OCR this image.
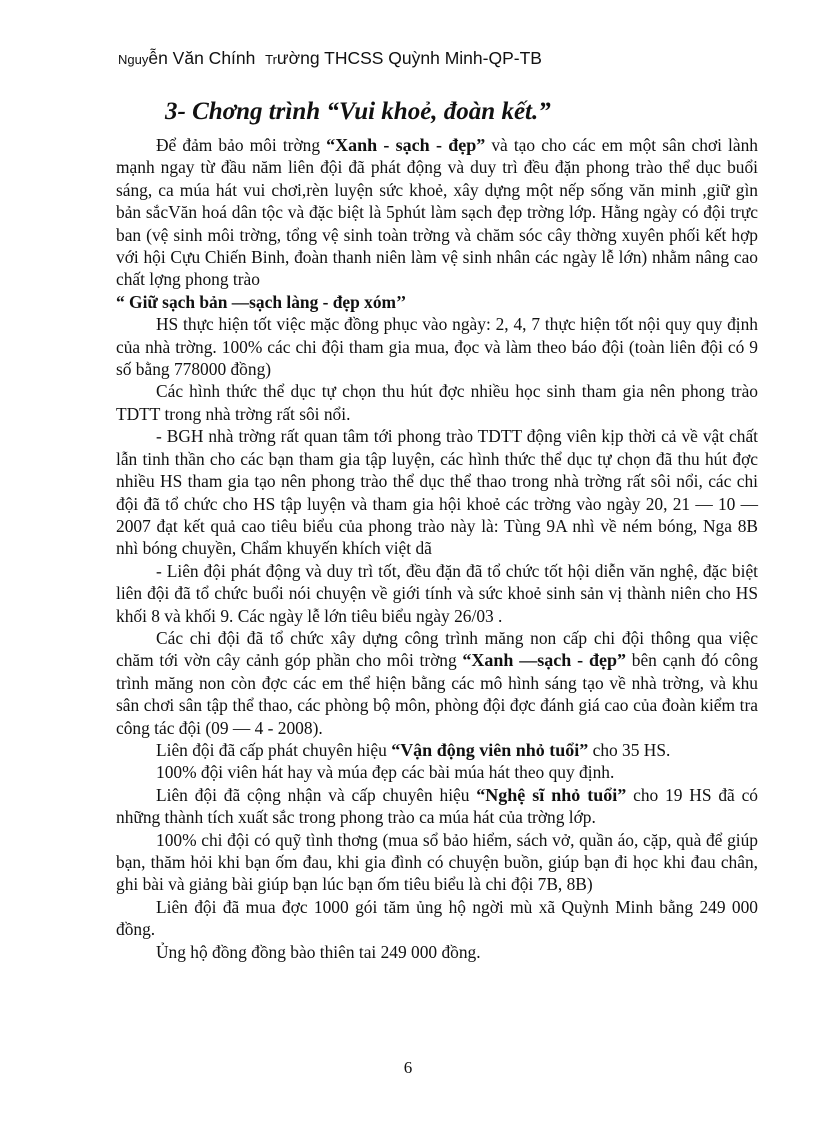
Nguyễn Văn Chính Trường THCSS Quỳnh Minh-QP-TB
3- Chơng trình “Vui khoẻ, đoàn kết.”

Để đảm bảo môi trờng “Xanh - sạch - đẹp” và tạo cho các em một sân chơi lành mạnh ngay từ đầu năm liên đội đã phát động và duy trì đều đặn phong trào thể dục buổi sáng, ca múa hát vui chơi,rèn luyện sức khoẻ, xây dựng một nếp sống văn minh ,giữ gìn bản sắcVăn hoá dân tộc và đặc biệt là 5phút làm sạch đẹp trờng lớp. Hằng ngày có đội trực ban (vệ sinh môi trờng, tổng vệ sinh toàn trờng và chăm sóc cây thờng xuyên phối kết hợp với hội Cựu Chiến Binh, đoàn thanh niên làm vệ sinh nhân các ngày lễ lớn) nhằm nâng cao chất lợng phong trào

“ Giữ sạch bản —sạch làng - đẹp xóm’’

HS thực hiện tốt việc mặc đồng phục vào ngày: 2, 4, 7 thực hiện tốt nội quy quy định của nhà trờng. 100% các chi đội tham gia mua, đọc và làm theo báo đội (toàn liên đội có 9 số bằng 778000 đồng)

Các hình thức thể dục tự chọn thu hút đợc nhiều học sinh tham gia nên phong trào TDTT trong nhà trờng rất sôi nổi.

- BGH nhà trờng rất quan tâm tới phong trào TDTT động viên kịp thời cả về vật chất lẫn tinh thần cho các bạn tham gia tập luyện, các hình thức thể dục tự chọn đã thu hút đợc nhiều HS tham gia tạo nên phong trào thể dục thể thao trong nhà trờng rất sôi nổi, các chi đội đã tổ chức cho HS tập luyện và tham gia hội khoẻ các trờng vào ngày 20, 21 — 10 — 2007 đạt kết quả cao tiêu biểu của phong trào này là: Tùng 9A nhì về ném bóng, Nga 8B nhì bóng chuyền, Chẩm khuyến khích việt dã

- Liên đội phát động và duy trì tốt, đều đặn đã tổ chức tốt hội diễn văn nghệ, đặc biệt liên đội đã tổ chức buổi nói chuyện về giới tính và sức khoẻ sinh sản vị thành niên cho HS khối 8 và khối 9. Các ngày lễ lớn tiêu biểu ngày 26/03 .

Các chi đội đã tổ chức xây dựng công trình măng non cấp chi đội thông qua việc chăm tới vờn cây cảnh góp phần cho môi trờng “Xanh —sạch - đẹp” bên cạnh đó công trình măng non còn đợc các em thể hiện bằng các mô hình sáng tạo về nhà trờng, và khu sân chơi sân tập thể thao, các phòng bộ môn, phòng đội đợc đánh giá cao của đoàn kiểm tra công tác đội (09 — 4 - 2008).

Liên đội đã cấp phát chuyên hiệu “Vận động viên nhỏ tuổi” cho 35 HS.

100% đội viên hát hay và múa đẹp các bài múa hát theo quy định.

Liên đội đã cộng nhận và cấp chuyên hiệu “Nghệ sĩ nhỏ tuổi” cho 19 HS đã có những thành tích xuất sắc trong phong trào ca múa hát của trờng lớp.

100% chi đội có quỹ tình thơng (mua sổ bảo hiểm, sách vở, quần áo, cặp, quà để giúp bạn, thăm hỏi khi bạn ốm đau, khi gia đình có chuyện buồn, giúp bạn đi học khi đau chân, ghi bài và giảng bài giúp bạn lúc bạn ốm tiêu biểu là chi đội 7B, 8B)

Liên đội đã mua đợc 1000 gói tăm ủng hộ ngời mù xã Quỳnh Minh bằng 249 000 đồng.

Ủng hộ đồng đồng bào thiên tai 249 000 đồng.

6
